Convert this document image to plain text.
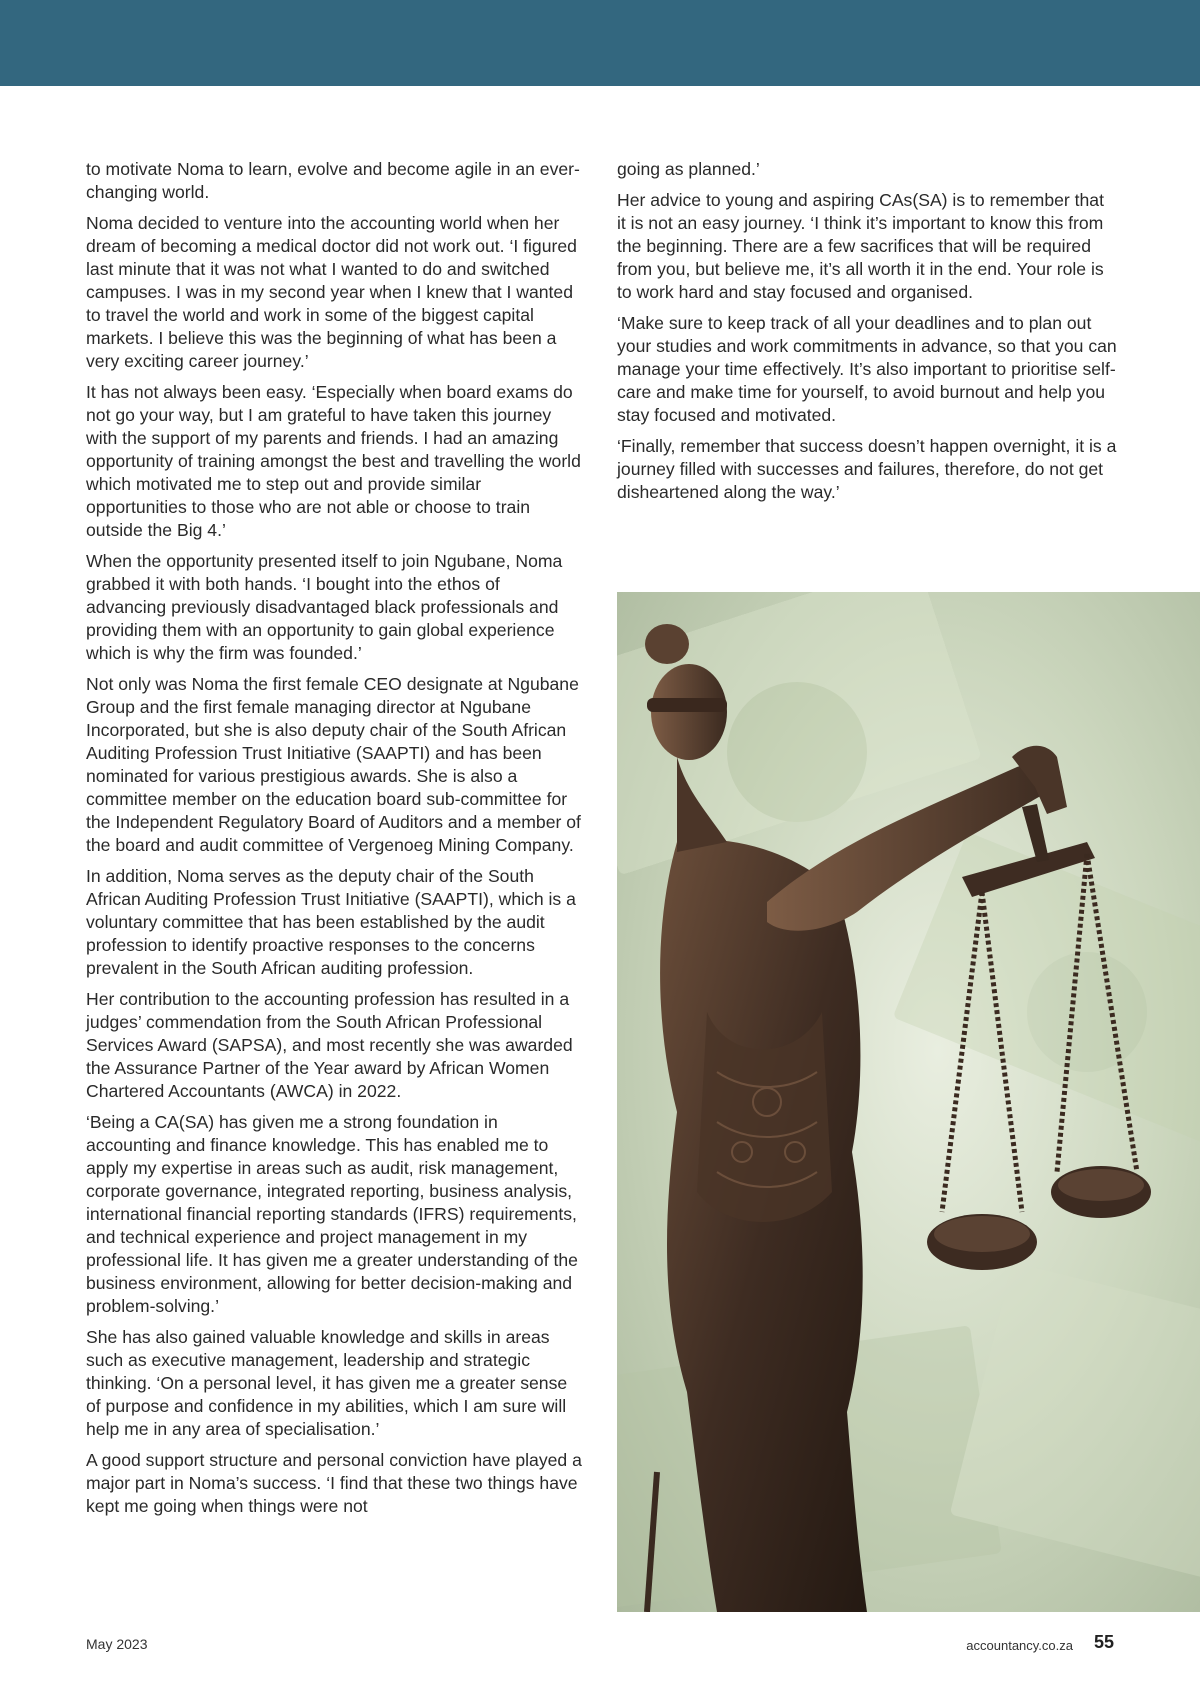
to motivate Noma to learn, evolve and become agile in an ever-changing world.

Noma decided to venture into the accounting world when her dream of becoming a medical doctor did not work out. ‘I figured last minute that it was not what I wanted to do and switched campuses. I was in my second year when I knew that I wanted to travel the world and work in some of the biggest capital markets. I believe this was the beginning of what has been a very exciting career journey.’

It has not always been easy. ‘Especially when board exams do not go your way, but I am grateful to have taken this journey with the support of my parents and friends. I had an amazing opportunity of training amongst the best and travelling the world which motivated me to step out and provide similar opportunities to those who are not able or choose to train outside the Big 4.’

When the opportunity presented itself to join Ngubane, Noma grabbed it with both hands. ‘I bought into the ethos of advancing previously disadvantaged black professionals and providing them with an opportunity to gain global experience which is why the firm was founded.’

Not only was Noma the first female CEO designate at Ngubane Group and the first female managing director at Ngubane Incorporated, but she is also deputy chair of the South African Auditing Profession Trust Initiative (SAAPTI) and has been nominated for various prestigious awards. She is also a committee member on the education board sub-committee for the Independent Regulatory Board of Auditors and a member of the board and audit committee of Vergenoeg Mining Company.

In addition, Noma serves as the deputy chair of the South African Auditing Profession Trust Initiative (SAAPTI), which is a voluntary committee that has been established by the audit profession to identify proactive responses to the concerns prevalent in the South African auditing profession.

Her contribution to the accounting profession has resulted in a judges’ commendation from the South African Professional Services Award (SAPSA), and most recently she was awarded the Assurance Partner of the Year award by African Women Chartered Accountants (AWCA) in 2022.

‘Being a CA(SA) has given me a strong foundation in accounting and finance knowledge. This has enabled me to apply my expertise in areas such as audit, risk management, corporate governance, integrated reporting, business analysis, international financial reporting standards (IFRS) requirements, and technical experience and project management in my professional life. It has given me a greater understanding of the business environment, allowing for better decision-making and problem-solving.’

She has also gained valuable knowledge and skills in areas such as executive management, leadership and strategic thinking. ‘On a personal level, it has given me a greater sense of purpose and confidence in my abilities, which I am sure will help me in any area of specialisation.’

A good support structure and personal conviction have played a major part in Noma’s success. ‘I find that these two things have kept me going when things were not

going as planned.’

Her advice to young and aspiring CAs(SA) is to remember that it is not an easy journey. ‘I think it’s important to know this from the beginning. There are a few sacrifices that will be required from you, but believe me, it’s all worth it in the end. Your role is to work hard and stay focused and organised.

‘Make sure to keep track of all your deadlines and to plan out your studies and work commitments in advance, so that you can manage your time effectively. It’s also important to prioritise self-care and make time for yourself, to avoid burnout and help you stay focused and motivated.

‘Finally, remember that success doesn’t happen overnight, it is a journey filled with successes and failures, therefore, do not get disheartened along the way.’

May 2023	accountancy.co.za 55
